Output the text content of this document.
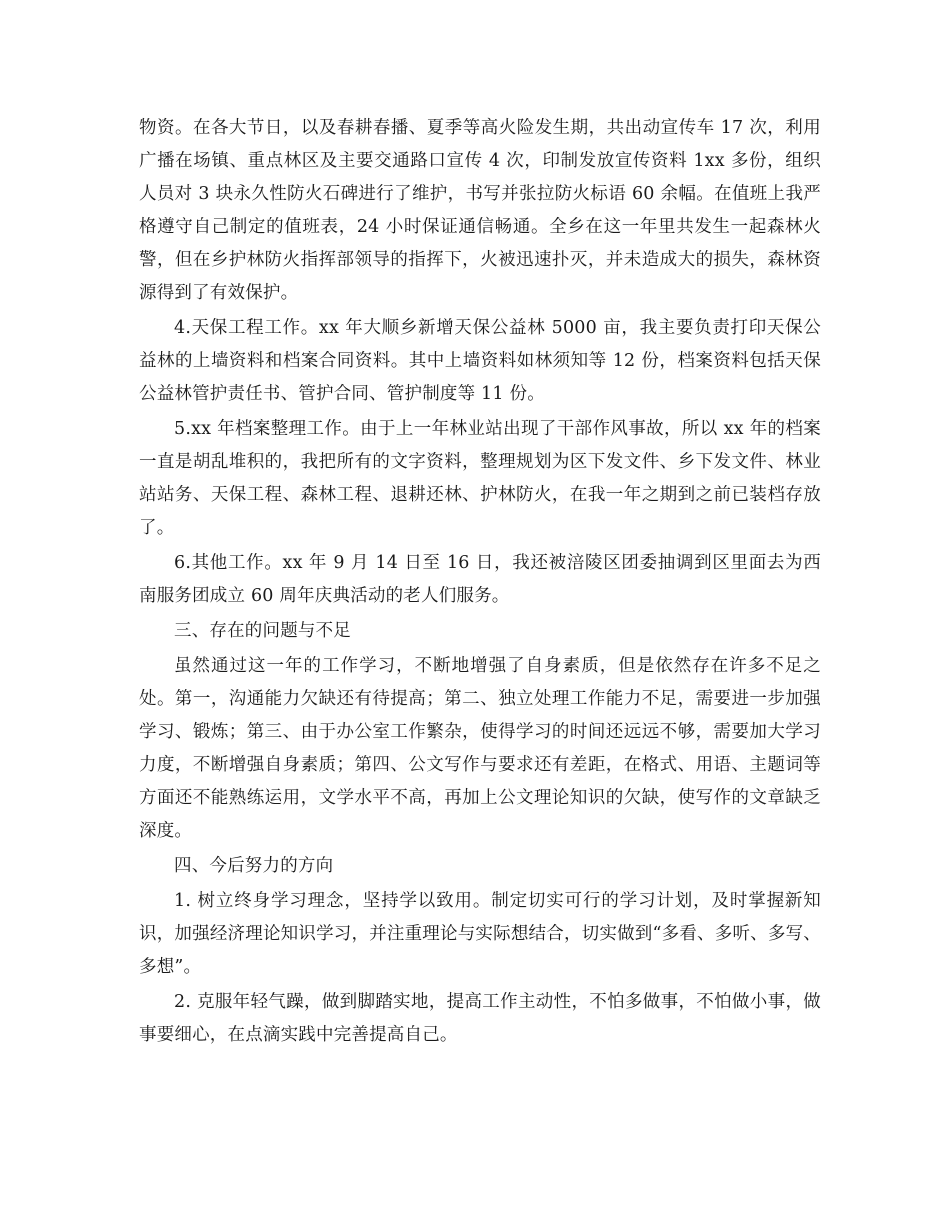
物资。在各大节日，以及春耕春播、夏季等高火险发生期，共出动宣传车 17 次，利用广播在场镇、重点林区及主要交通路口宣传 4 次，印制发放宣传资料 1xx 多份，组织人员对 3 块永久性防火石碑进行了维护，书写并张拉防火标语 60 余幅。在值班上我严格遵守自己制定的值班表，24 小时保证通信畅通。全乡在这一年里共发生一起森林火警，但在乡护林防火指挥部领导的指挥下，火被迅速扑灭，并未造成大的损失，森林资源得到了有效保护。

4.天保工程工作。xx 年大顺乡新增天保公益林 5000 亩，我主要负责打印天保公益林的上墙资料和档案合同资料。其中上墙资料如林须知等 12 份，档案资料包括天保公益林管护责任书、管护合同、管护制度等 11 份。

5.xx 年档案整理工作。由于上一年林业站出现了干部作风事故，所以 xx 年的档案一直是胡乱堆积的，我把所有的文字资料，整理规划为区下发文件、乡下发文件、林业站站务、天保工程、森林工程、退耕还林、护林防火，在我一年之期到之前已装档存放了。

6.其他工作。xx 年 9 月 14 日至 16 日，我还被涪陵区团委抽调到区里面去为西南服务团成立 60 周年庆典活动的老人们服务。

三、存在的问题与不足

虽然通过这一年的工作学习，不断地增强了自身素质，但是依然存在许多不足之处。第一，沟通能力欠缺还有待提高；第二、独立处理工作能力不足，需要进一步加强学习、锻炼；第三、由于办公室工作繁杂，使得学习的时间还远远不够，需要加大学习力度，不断增强自身素质；第四、公文写作与要求还有差距，在格式、用语、主题词等方面还不能熟练运用，文学水平不高，再加上公文理论知识的欠缺，使写作的文章缺乏深度。

四、今后努力的方向

1. 树立终身学习理念，坚持学以致用。制定切实可行的学习计划，及时掌握新知识，加强经济理论知识学习，并注重理论与实际想结合，切实做到“多看、多听、多写、多想”。

2. 克服年轻气躁，做到脚踏实地，提高工作主动性，不怕多做事，不怕做小事，做事要细心，在点滴实践中完善提高自己。
